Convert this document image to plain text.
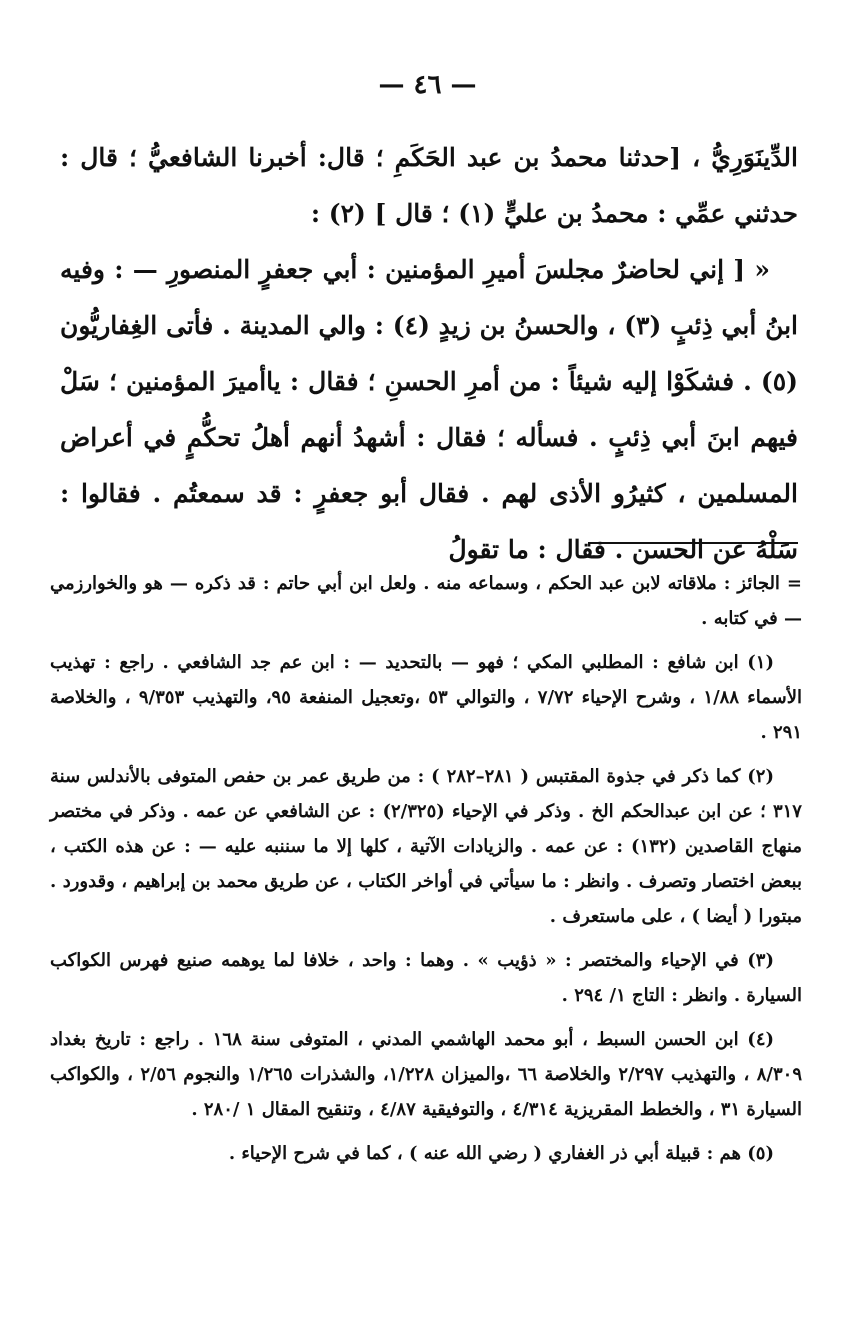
— ٤٦ —

الدِّينَوَرِيُّ ، [حدثنا محمدُ بن عبد الحَكَمِ ؛ قال: أخبرنا الشافعيُّ ؛ قال : حدثني عمِّي : محمدُ بن عليٍّ (١) ؛ قال ] (٢) :

« [ إني لحاضرٌ مجلسَ أميرِ المؤمنين : أبي جعفرٍ المنصورِ — : وفيه ابنُ أبي ذِئبٍ (٣) ، والحسنُ بن زيدٍ (٤) : والي المدينة . فأتى الغِفاريُّون (٥) . فشكَوْا إليه شيئاً : من أمرِ الحسنِ ؛ فقال : ياأميرَ المؤمنين ؛ سَلْ فيهم ابنَ أبي ذِئبٍ . فسأله ؛ فقال : أشهدُ أنهم أهلُ تحكُّمٍ في أعراض المسلمين ، كثيرُو الأذى لهم . فقال أبو جعفرٍ : قد سمعتُم . فقالوا : سَلْهُ عن الحسن . فقال : ما تقولُ

= الجائز : ملاقاته لابن عبد الحكم ، وسماعه منه . ولعل ابن أبي حاتم : قد ذكره — هو والخوارزمي — في كتابه .

(١) ابن شافع : المطلبي المكي ؛ فهو — بالتحديد — : ابن عم جد الشافعي . راجع : تهذيب الأسماء ١/٨٨ ، وشرح الإحياء ٧/٧٢ ، والتوالي ٥٣ ،وتعجيل المنفعة ٩٥، والتهذيب ٩/٣٥٣ ، والخلاصة ٢٩١ .

(٢) كما ذكر في جذوة المقتبس ( ٢٨١–٢٨٢ ) : من طريق عمر بن حفص المتوفى بالأندلس سنة ٣١٧ ؛ عن ابن عبدالحكم الخ . وذكر في الإحياء (٢/٣٢٥) : عن الشافعي عن عمه . وذكر في مختصر منهاج القاصدين (١٣٢) : عن عمه . والزيادات الآتية ، كلها إلا ما سننبه عليه — : عن هذه الكتب ، ببعض اختصار وتصرف . وانظر : ما سيأتي في أواخر الكتاب ، عن طريق محمد بن إبراهيم ، وقدورد . مبتورا ( أيضا ) ، على ماستعرف .

(٣) في الإحياء والمختصر : « ذؤيب » . وهما : واحد ، خلافا لما يوهمه صنيع فهرس الكواكب السيارة . وانظر : التاج ١/ ٢٩٤ .

(٤) ابن الحسن السبط ، أبو محمد الهاشمي المدني ، المتوفى سنة ١٦٨ . راجع : تاريخ بغداد ٨/٣٠٩ ، والتهذيب ٢/٢٩٧ والخلاصة ٦٦ ،والميزان ١/٢٢٨، والشذرات ١/٢٦٥ والنجوم ٢/٥٦ ، والكواكب السيارة ٣١ ، والخطط المقريزية ٤/٣١٤ ، والتوفيقية ٤/٨٧ ، وتنقيح المقال ١ /٢٨٠ .

(٥) هم : قبيلة أبي ذر الغفاري ( رضي الله عنه ) ، كما في شرح الإحياء .
